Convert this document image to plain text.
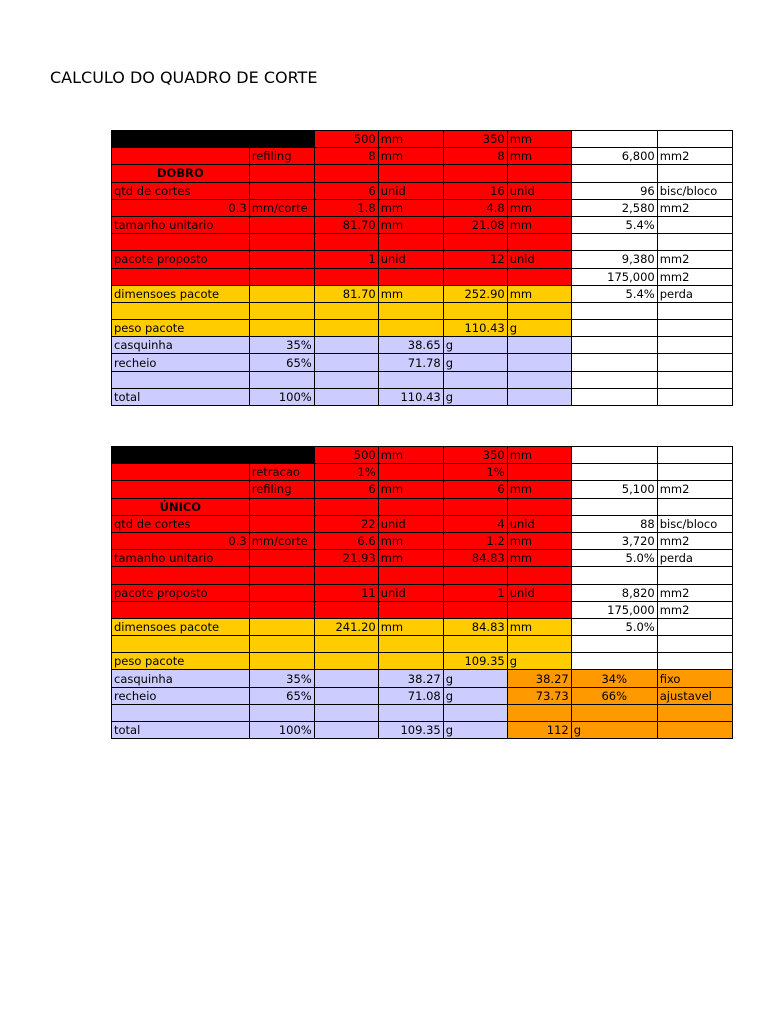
CALCULO DO QUADRO DE CORTE
1)tamanho proposto		500	mm	350	mm		
	refiling	8	mm	8	mm	6,800	mm2
DOBRO							
qtd de cortes		6	unid	16	unid	96	bisc/bloco
0.3	mm/corte	1.8	mm	4.8	mm	2,580	mm2
tamanho unitario		81.70	mm	21.08	mm	5.4%	

pacote proposto		1	unid	12	unid	9,380	mm2
						175,000	mm2
dimensoes pacote		81.70	mm	252.90	mm	5.4%	perda

peso pacote				110.43	g		
casquinha	35%		38.65	g			
recheio	65%		71.78	g			

total	100%		110.43	g			
2)tamanho proposto		500	mm	350	mm		
	retracao	1%		1%			
	refiling	6	mm	6	mm	5,100	mm2
ÚNICO							
qtd de cortes		22	unid	4	unid	88	bisc/bloco
0.3	mm/corte	6.6	mm	1.2	mm	3,720	mm2
tamanho unitario		21.93	mm	84.83	mm	5.0%	perda

pacote proposto		11	unid	1	unid	8,820	mm2
						175,000	mm2
dimensoes pacote		241.20	mm	84.83	mm	5.0%	

peso pacote				109.35	g		
casquinha	35%		38.27	g	38.27	34%	fixo
recheio	65%		71.08	g	73.73	66%	ajustavel

total	100%		109.35	g	112	g	
